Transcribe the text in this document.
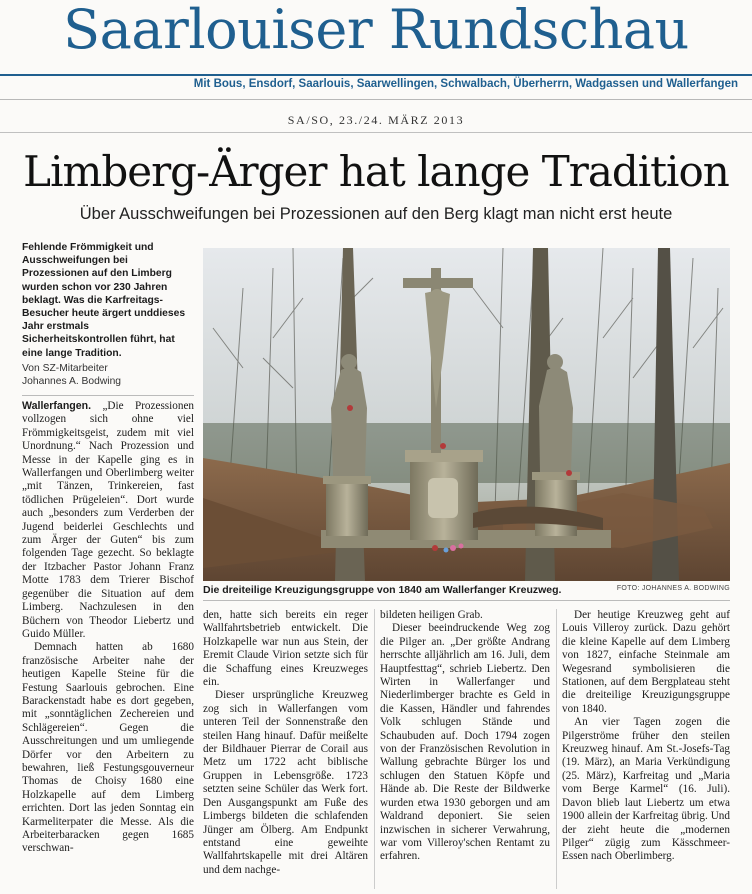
Saarlouiser Rundschau
Mit Bous, Ensdorf, Saarlouis, Saarwellingen, Schwalbach, Überherrn, Wadgassen und Wallerfangen
SA/SO, 23./24. MÄRZ 2013
Limberg-Ärger hat lange Tradition
Über Ausschweifungen bei Prozessionen auf den Berg klagt man nicht erst heute
Fehlende Frömmigkeit und Ausschweifungen bei Prozessionen auf den Limberg wurden schon vor 230 Jahren beklagt. Was die Karfreitags-Besucher heute ärgert unddieses Jahr erstmals Sicherheitskontrollen führt, hat eine lange Tradition.
Von SZ-Mitarbeiter
Johannes A. Bodwing

Wallerfangen. „Die Prozessionen vollzogen sich ohne viel Frömmigkeitsgeist, zudem mit viel Unordnung.“ Nach Prozession und Messe in der Kapelle ging es in Wallerfangen und Oberlimberg weiter „mit Tänzen, Trinkereien, fast tödlichen Prügeleien“. Dort wurde auch „besonders zum Verderben der Jugend beiderlei Geschlechts und zum Ärger der Guten“ bis zum folgenden Tage gezecht. So beklagte der Itzbacher Pastor Johann Franz Motte 1783 dem Trierer Bischof gegenüber die Situation auf dem Limberg. Nachzulesen in den Büchern von Theodor Liebertz und Guido Müller.

Demnach hatten ab 1680 französische Arbeiter nahe der heutigen Kapelle Steine für die Festung Saarlouis gebrochen. Eine Barackenstadt habe es dort gegeben, mit „sonntäglichen Zechereien und Schlägereien“. Gegen die Ausschreitungen und um umliegende Dörfer vor den Arbeitern zu bewahren, ließ Festungsgouverneur Thomas de Choisy 1680 eine Holzkapelle auf dem Limberg errichten. Dort las jeden Sonntag ein Karmeliterpater die Messe. Als die Arbeiterbaracken gegen 1685 verschwan-

Die dreiteilige Kreuzigungsgruppe von 1840 am Wallerfanger Kreuzweg.	FOTO: JOHANNES A. BODWING

den, hatte sich bereits ein reger Wallfahrtsbetrieb entwickelt. Die Holzkapelle war nun aus Stein, der Eremit Claude Virion setzte sich für die Schaffung eines Kreuzweges ein.

Dieser ursprüngliche Kreuzweg zog sich in Wallerfangen vom unteren Teil der Sonnenstraße den steilen Hang hinauf. Dafür meißelte der Bildhauer Pierrar de Corail aus Metz um 1722 acht biblische Gruppen in Lebensgröße. 1723 setzten seine Schüler das Werk fort. Den Ausgangspunkt am Fuße des Limbergs bildeten die schlafenden Jünger am Ölberg. Am Endpunkt entstand eine geweihte Wallfahrtskapelle mit drei Altären und dem nachge-

bildeten heiligen Grab.

Dieser beeindruckende Weg zog die Pilger an. „Der größte Andrang herrschte alljährlich am 16. Juli, dem Hauptfesttag“, schrieb Liebertz. Den Wirten in Wallerfanger und Niederlimberger brachte es Geld in die Kassen, Händler und fahrendes Volk schlugen Stände und Schaubuden auf. Doch 1794 zogen von der Französischen Revolution in Wallung gebrachte Bürger los und schlugen den Statuen Köpfe und Hände ab. Die Reste der Bildwerke wurden etwa 1930 geborgen und am Waldrand deponiert. Sie seien inzwischen in sicherer Verwahrung, war vom Villeroy'schen Rentamt zu erfahren.

Der heutige Kreuzweg geht auf Louis Villeroy zurück. Dazu gehört die kleine Kapelle auf dem Limberg von 1827, einfache Steinmale am Wegesrand symbolisieren die Stationen, auf dem Bergplateau steht die dreiteilige Kreuzigungsgruppe von 1840.

An vier Tagen zogen die Pilgerströme früher den steilen Kreuzweg hinauf. Am St.-Josefs-Tag (19. März), an Maria Verkündigung (25. März), Karfreitag und „Maria vom Berge Karmel“ (16. Juli). Davon blieb laut Liebertz um etwa 1900 allein der Karfreitag übrig. Und der zieht heute die „modernen Pilger“ zügig zum Kässchmeer-Essen nach Oberlimberg.
